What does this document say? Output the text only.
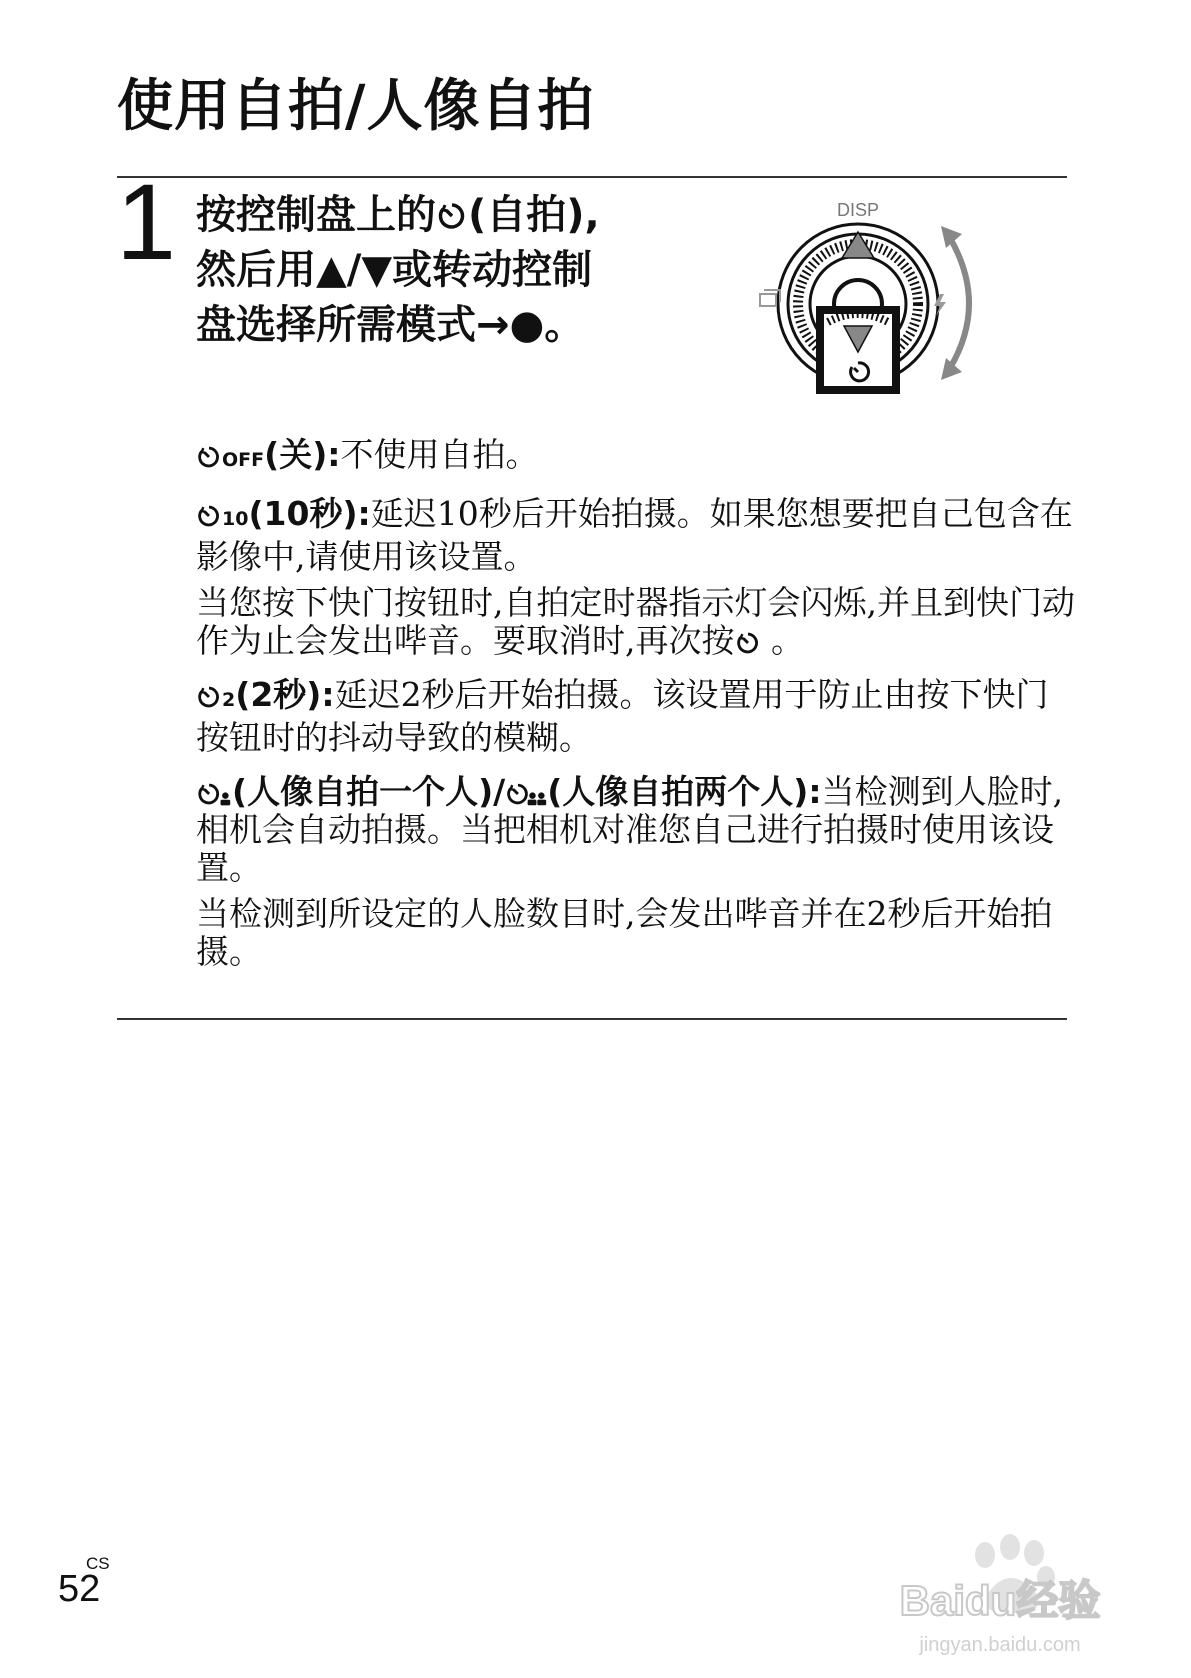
使用自拍/人像自拍
1 按控制盘上的 (自拍),
然后用▲/▼或转动控制
盘选择所需模式→●。
DISP

OFF(关):不使用自拍。

10(10秒):延迟10秒后开始拍摄。如果您想要把自己包含在影像中,请使用该设置。

当您按下快门按钮时,自拍定时器指示灯会闪烁,并且到快门动作为止会发出哔音。要取消时,再次按 。

2(2秒):延迟2秒后开始拍摄。该设置用于防止由按下快门按钮时的抖动导致的模糊。

(人像自拍一个人)/ (人像自拍两个人):当检测到人脸时,相机会自动拍摄。当把相机对准您自己进行拍摄时使用该设置。

当检测到所设定的人脸数目时,会发出哔音并在2秒后开始拍摄。

CS
52	Baidu经验
jingyan.baidu.com
